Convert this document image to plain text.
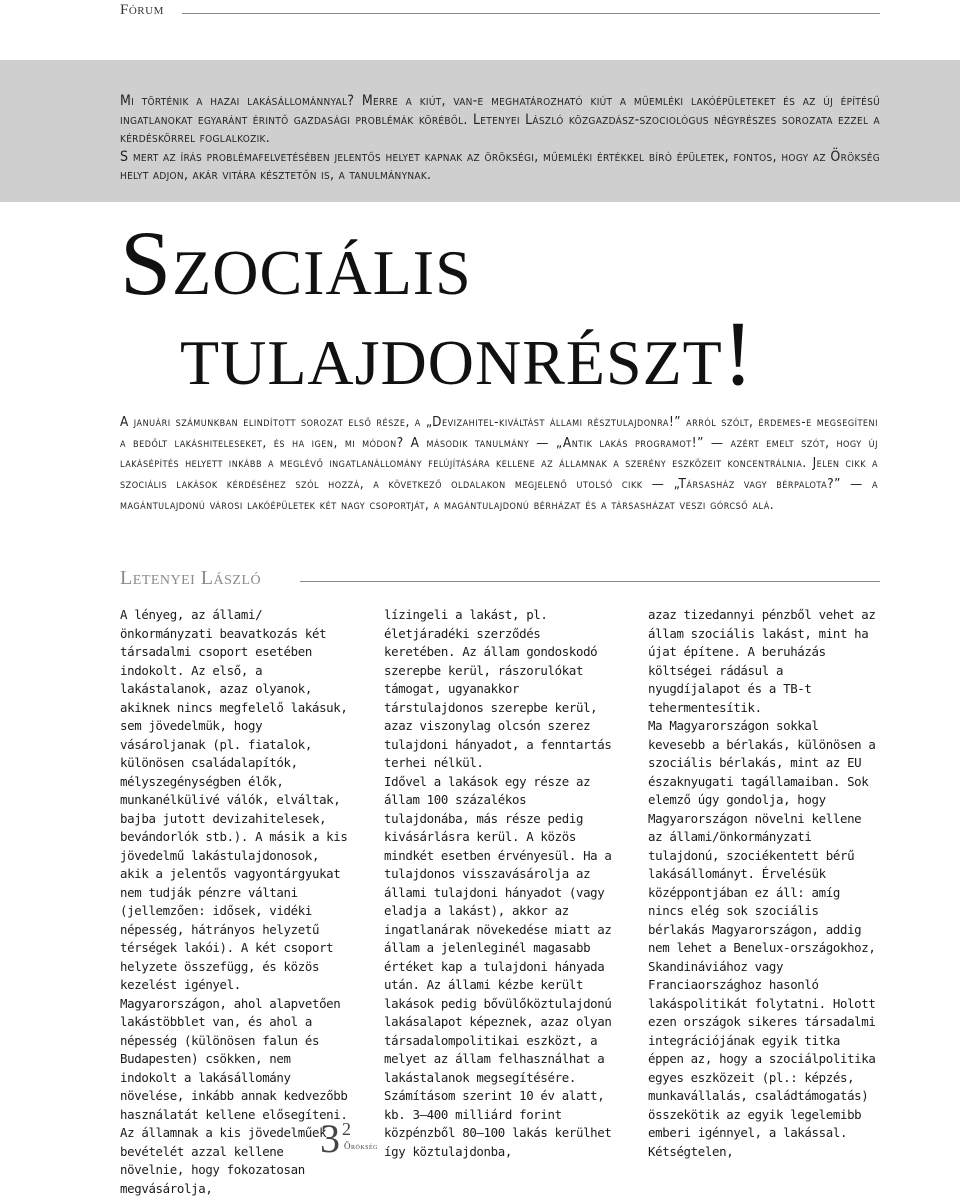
Fórum

Mi történik a hazai lakásállománnyal? Merre a kiút, van-e meghatározható kiút a műemléki lakóépületeket és az új építésű ingatlanokat egyaránt érintő gazdasági problémák köréből. Letenyei László közgazdász-szociológus négyrészes sorozata ezzel a kérdéskörrel foglalkozik.

S mert az írás problémafelvetésében jelentős helyet kapnak az örökségi, műemléki értékkel bíró épületek, fontos, hogy az Örökség helyt adjon, akár vitára késztetőn is, a tanulmánynak.

Szociális
tulajdonrészt!

A januári számunkban elindított sorozat első része, a „Devizahitel-kiváltást állami résztulajdonra!” arról szólt, érdemes-e megsegíteni a bedőlt lakáshiteleseket, és ha igen, mi módon? A második tanulmány — „Antik lakás programot!” — azért emelt szót, hogy új lakásépítés helyett inkább a meglévő ingatlanállomány felújítására kellene az államnak a szerény eszközeit koncentrálnia. Jelen cikk a szociális lakások kérdéséhez szól hozzá, a következő oldalakon megjelenő utolsó cikk — „Társasház vagy bérpalota?” — a magántulajdonú városi lakóépületek két nagy csoportját, a magántulajdonú bérházat és a társasházat veszi górcső alá.

Letenyei László

A lényeg, az állami/önkormányzati beavatkozás két társadalmi csoport esetében indokolt. Az első, a lakástalanok, azaz olyanok, akiknek nincs megfelelő lakásuk, sem jövedelmük, hogy vásároljanak (pl. fiatalok, különösen családalapítók, mélyszegénységben élők, munkanélkülivé válók, elváltak, bajba jutott devizahitelesek, bevándorlók stb.). A másik a kis jövedelmű lakástulajdonosok, akik a jelentős vagyontárgyukat nem tudják pénzre váltani (jellemzően: idősek, vidéki népesség, hátrányos helyzetű térségek lakói). A két csoport helyzete összefügg, és közös kezelést igényel. Magyarországon, ahol alapvetően lakástöbblet van, és ahol a népesség (különösen falun és Budapesten) csökken, nem indokolt a lakásállomány növelése, inkább annak kedvezőbb használatát kellene elősegíteni. Az államnak a kis jövedelműek bevételét azzal kellene növelnie, hogy fokozatosan megvásárolja,

lízingeli a lakást, pl. életjáradéki szerződés keretében. Az állam gondoskodó szerepbe kerül, rászorulókat támogat, ugyanakkor társtulajdonos szerepbe kerül, azaz viszonylag olcsón szerez tulajdoni hányadot, a fenntartás terhei nélkül.

Idővel a lakások egy része az állam 100 százalékos tulajdonába, más része pedig kivásárlásra kerül. A közös mindkét esetben érvényesül. Ha a tulajdonos visszavásárolja az állami tulajdoni hányadot (vagy eladja a lakást), akkor az ingatlanárak növekedése miatt az állam a jelenleginél magasabb értéket kap a tulajdoni hányada után. Az állami kézbe került lakások pedig bővülőköztulajdonú lakásalapot képeznek, azaz olyan társadalompolitikai eszközt, a melyet az állam felhasználhat a lakástalanok megsegítésére. Számításom szerint 10 év alatt, kb. 3–400 milliárd forint közpénzből 80–100 lakás kerülhet így köztulajdonba,

azaz tizedannyi pénzből vehet az állam szociális lakást, mint ha újat építene. A beruházás költségei rádásul a nyugdíjalapot és a TB-t tehermentesítik.

Ma Magyarországon sokkal kevesebb a bérlakás, különösen a szociális bérlakás, mint az EU északnyugati tagállamaiban. Sok elemző úgy gondolja, hogy Magyarországon növelni kellene az állami/önkormányzati tulajdonú, szociékentett bérű lakásállományt. Érvelésük középpontjában ez áll: amíg nincs elég sok szociális bérlakás Magyarországon, addig nem lehet a Benelux-országokhoz, Skandináviához vagy Franciaországhoz hasonló lakáspolitikát folytatni. Holott ezen országok sikeres társadalmi integrációjának egyik titka éppen az, hogy a szociálpolitika egyes eszközeit (pl.: képzés, munkavállalás, családtámogatás) összekötik az egyik legelemibb emberi igénnyel, a lakással. Kétségtelen,

3 2
Örökség
